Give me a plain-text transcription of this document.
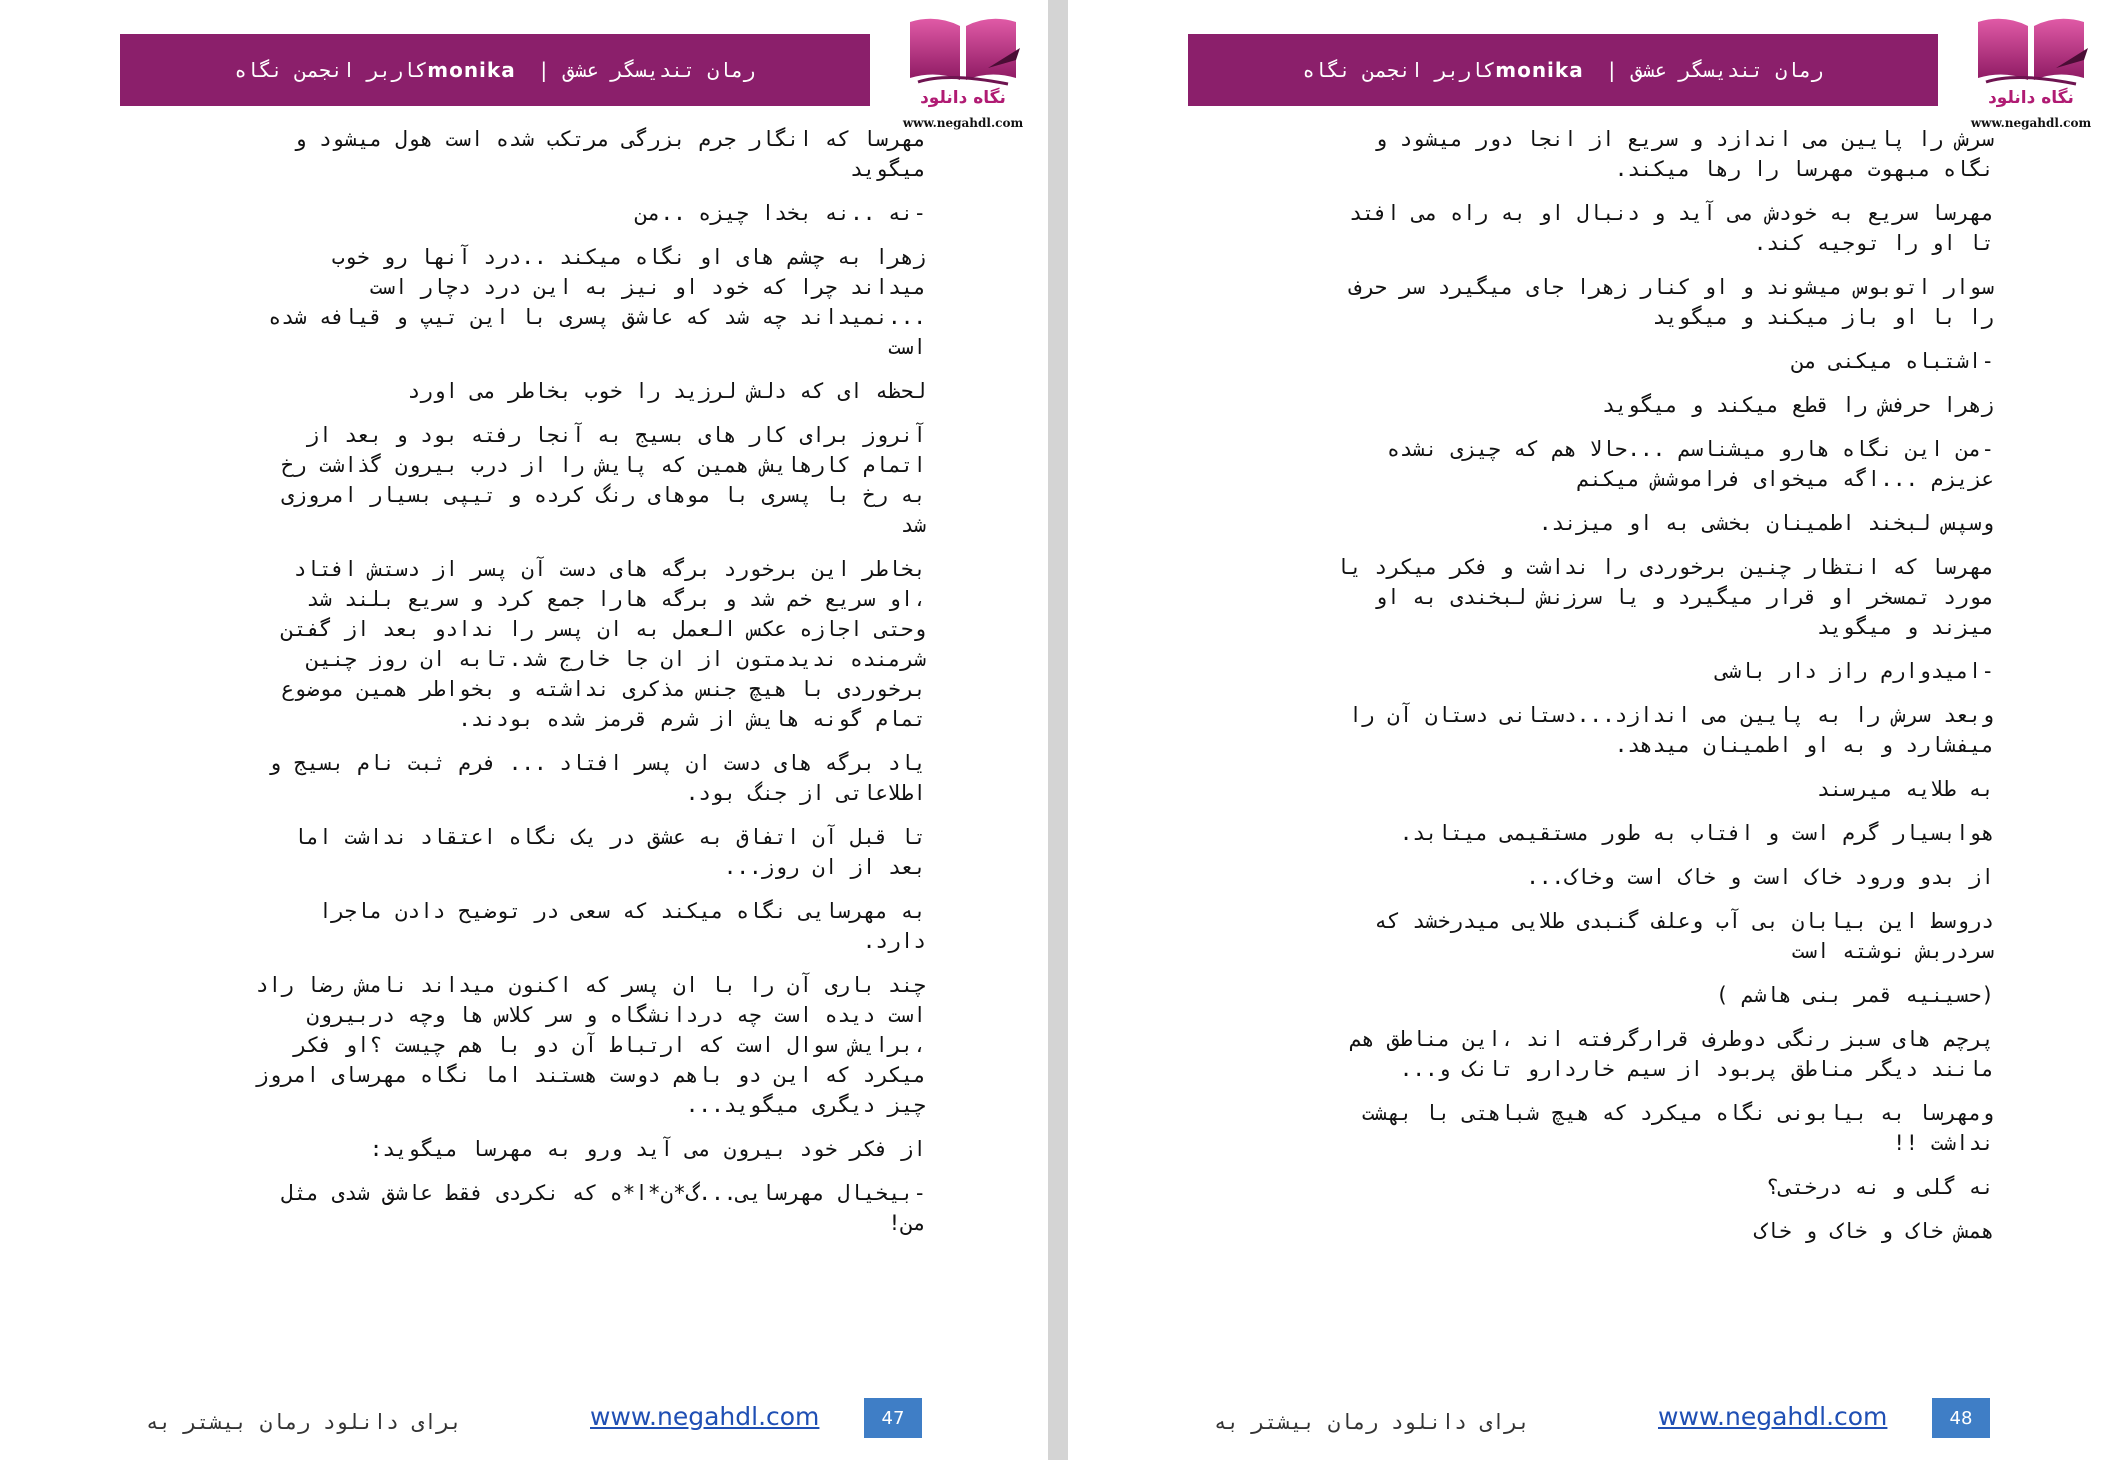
کاربر انجمن نگاه monika | رمان تندیسگر عشق
نگاه دانلود
www.negahdl.com

مهرسا که انگار جرم بزرگی مرتکب شده است هول میشود و
میگوید

-نه ..نه بخدا چیزه ..من

زهرا به چشم های او نگاه میکند ..درد آنها رو خوب
میداند چرا که خود او نیز به این درد دچار است
...نمیداند چه شد که عاشق پسری با این تیپ و قیافه شده
است

لحظه ای که دلش لرزید را خوب بخاطر می اورد

آنروز برای کار های بسیج به آنجا رفته بود و بعد از
اتمام کارهایش همین که پایش را از درب بیرون گذاشت رخ
به رخ با پسری با موهای رنگ کرده و تیپی بسیار امروزی
شد

بخاطر این برخورد برگه های دست آن پسر از دستش افتاد
،او سریع خم شد و برگه هارا جمع کرد و سریع بلند شد
وحتی اجازه عکس العمل به ان پسر را ندادو بعد از گفتن
شرمنده ندیدمتون از ان جا خارج شد.تابه ان روز چنین
برخوردی با هیچ جنس مذکری نداشته و بخواطر همین موضوع
تمام گونه هایش از شرم قرمز شده بودند.

یاد برگه های دست ان پسر افتاد ... فرم ثبت نام بسیج و
اطلاعاتی از جنگ بود.

تا قبل آن اتفاق به عشق در یک نگاه اعتقاد نداشت اما
بعد از ان روز...

به مهرسایی نگاه میکند که سعی در توضیح دادن ماجرا
دارد.

چند باری آن را با ان پسر که اکنون میداند نامش رضا راد
است دیده است چه دردانشگاه و سر کلاس ها وچه دربیرون
،برایش سوال است که ارتباط آن دو با هم چیست ؟او فکر
میکرد که این دو باهم دوست هستند اما نگاه مهرسای امروز
چیز دیگری میگوید...

از فکر خود بیرون می آید ورو به مهرسا میگوید:

-بیخیال مهرسایی...گ*ن*ا*ه که نکردی فقط عاشق شدی مثل
من!

برای دانلود رمان بیشتر به	www.negahdl.com	47
کاربر انجمن نگاه monika | رمان تندیسگر عشق
نگاه دانلود
www.negahdl.com

سرش را پایین می اندازد و سریع از انجا دور میشود و
نگاه مبهوت مهرسا را رها میکند.

مهرسا سریع به خودش می آید و دنبال او به راه می افتد
تا او را توجیه کند.

سوار اتوبوس میشوند و او کنار زهرا جای میگیرد سر حرف
را با او باز میکند و میگوید

-اشتباه میکنی من

زهرا حرفش را قطع میکند و میگوید

-من این نگاه هارو میشناسم ...حالا هم که چیزی نشده
عزیزم ...اگه میخوای فراموشش میکنم

وسپس لبخند اطمینان بخشی به او میزند.

مهرسا که انتظار چنین برخوردی را نداشت و فکر میکرد یا
مورد تمسخر او قرار میگیرد و یا سرزنش لبخندی به او
میزند و میگوید

-امیدوارم راز دار باشی

وبعد سرش را به پایین می اندازد...دستانی دستان آن را
میفشارد و به او اطمینان میدهد.

به طلایه میرسند

هوابسیار گرم است و افتاب به طور مستقیمی میتابد.

از بدو ورود خاک است و خاک است وخاک...

دروسط این بیابان بی آب وعلف گنبدی طلایی میدرخشد که
سردربش نوشته است

(حسینیه قمر بنی هاشم )

پرچم های سبز رنگی دوطرف قرارگرفته اند ،این مناطق هم
مانند دیگر مناطق پربود از سیم خاردارو تانک و...

ومهرسا به بیابونی نگاه میکرد که هیچ شباهتی با بهشت
نداشت !!

نه گلی و نه درختی؟

همش خاک و خاک و خاک

برای دانلود رمان بیشتر به	www.negahdl.com	48
